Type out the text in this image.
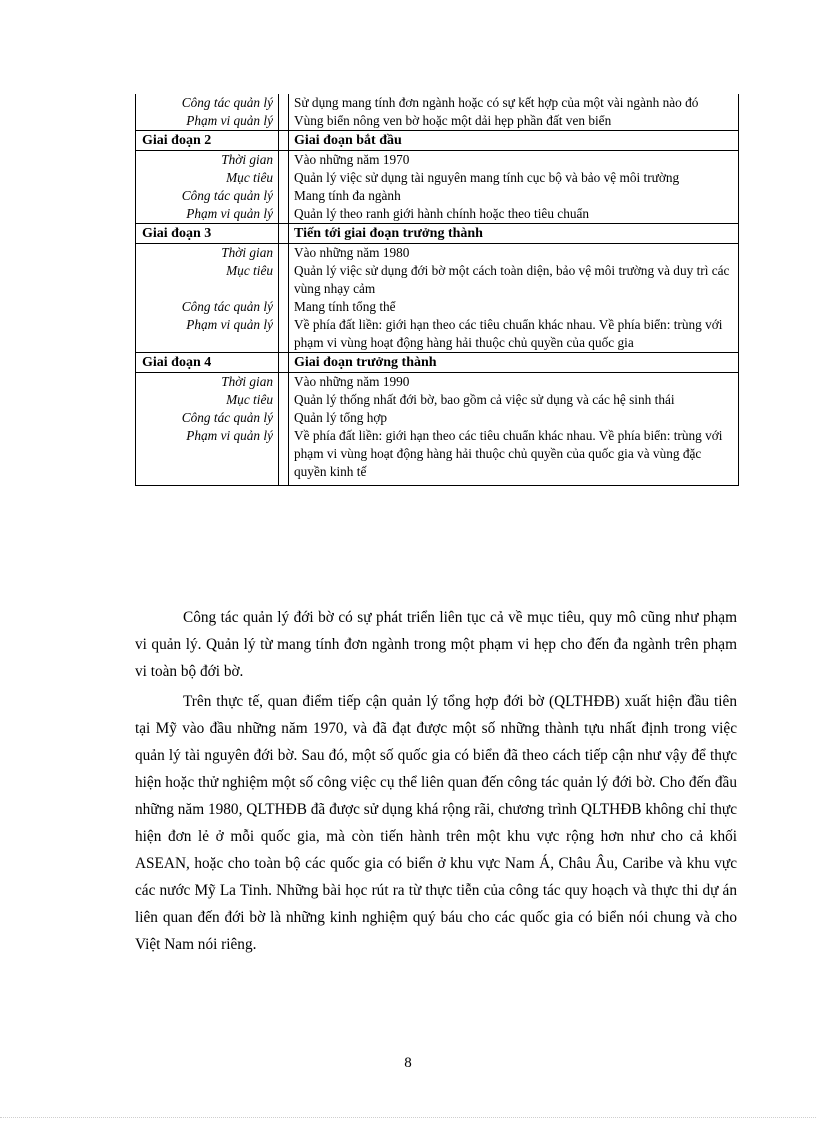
Công tác quản lý		Sử dụng mang tính đơn ngành hoặc có sự kết hợp của một vài ngành nào đó
Phạm vi quản lý		Vùng biển nông ven bờ hoặc một dải hẹp phần đất ven biển
Giai đoạn 2		Giai đoạn bắt đầu
Thời gian		Vào những năm 1970
Mục tiêu		Quản lý việc sử dụng tài nguyên mang tính cục bộ và bảo vệ môi trường
Công tác quản lý		Mang tính đa ngành
Phạm vi quản lý		Quản lý theo ranh giới hành chính hoặc theo tiêu chuẩn
Giai đoạn 3		Tiến tới giai đoạn trưởng thành
Thời gian		Vào những năm 1980
Mục tiêu		Quản lý việc sử dụng đới bờ một cách toàn diện, bảo vệ môi trường và duy trì các vùng nhạy cảm
Công tác quản lý		Mang tính tổng thể
Phạm vi quản lý		Về phía đất liền: giới hạn theo các tiêu chuẩn khác nhau. Về phía biển: trùng với phạm vi vùng hoạt động hàng hải thuộc chủ quyền của quốc gia
Giai đoạn 4		Giai đoạn trưởng thành
Thời gian		Vào những năm 1990
Mục tiêu		Quản lý thống nhất đới bờ, bao gồm cả việc sử dụng và các hệ sinh thái
Công tác quản lý		Quản lý tổng hợp
Phạm vi quản lý		Về phía đất liền: giới hạn theo các tiêu chuẩn khác nhau. Về phía biển: trùng với phạm vi vùng hoạt động hàng hải thuộc chủ quyền của quốc gia và vùng đặc quyền kinh tế

Công tác quản lý đới bờ có sự phát triển liên tục cả về mục tiêu, quy mô cũng như phạm vi quản lý. Quản lý từ mang tính đơn ngành trong một phạm vi hẹp cho đến đa ngành trên phạm vi toàn bộ đới bờ.

Trên thực tế, quan điểm tiếp cận quản lý tổng hợp đới bờ (QLTHĐB) xuất hiện đầu tiên tại Mỹ vào đầu những năm 1970, và đã đạt được một số những thành tựu nhất định trong việc quản lý tài nguyên đới bờ. Sau đó, một số quốc gia có biển đã theo cách tiếp cận như vậy để thực hiện hoặc thử nghiệm một số công việc cụ thể liên quan đến công tác quản lý đới bờ. Cho đến đầu những năm 1980, QLTHĐB đã được sử dụng khá rộng rãi, chương trình QLTHĐB không chỉ thực hiện đơn lẻ ở mỗi quốc gia, mà còn tiến hành trên một khu vực rộng hơn như cho cả khối ASEAN, hoặc cho toàn bộ các quốc gia có biển ở khu vực Nam Á, Châu Âu, Caribe và khu vực các nước Mỹ La Tinh. Những bài học rút ra từ thực tiễn của công tác quy hoạch và thực thi dự án liên quan đến đới bờ là những kinh nghiệm quý báu cho các quốc gia có biển nói chung và cho Việt Nam nói riêng.

8
